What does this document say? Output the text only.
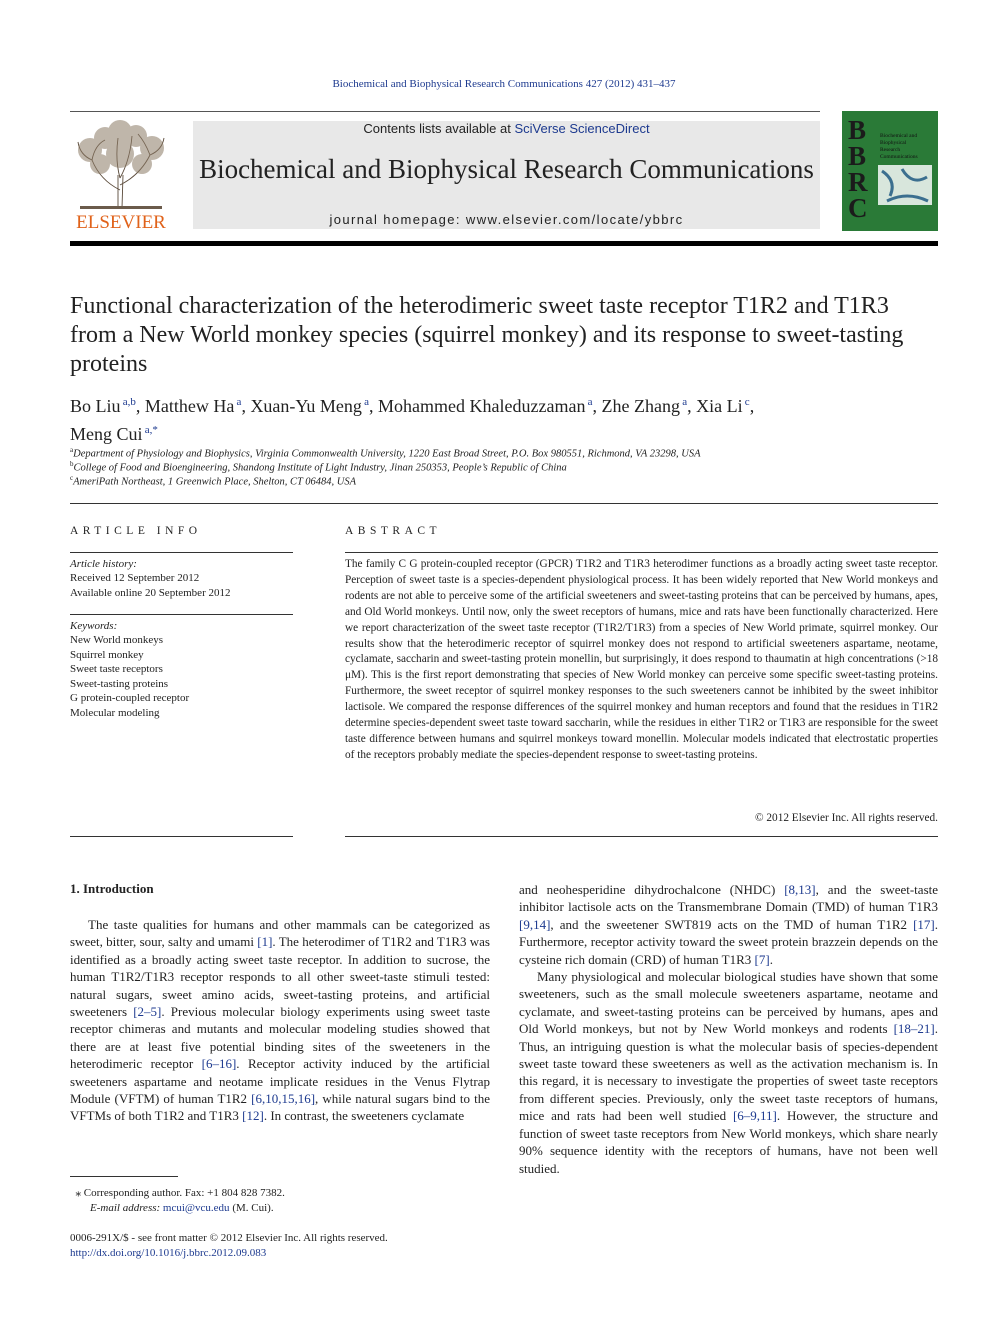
Biochemical and Biophysical Research Communications 427 (2012) 431–437
ELSEVIER
Contents lists available at SciVerse ScienceDirect
Biochemical and Biophysical Research Communications
journal homepage: www.elsevier.com/locate/ybbrc
B
B
R
C
Biochemical and
Biophysical
Research
Communications
Functional characterization of the heterodimeric sweet taste receptor T1R2 and T1R3 from a New World monkey species (squirrel monkey) and its response to sweet-tasting proteins
Bo Liu $^{a,b}$, Matthew Ha $^a$, Xuan-Yu Meng $^a$, Mohammed Khaleduzzaman $^a$, Zhe Zhang $^a$, Xia Li $^c$,
Meng Cui $^{a,*}$
$^a$Department of Physiology and Biophysics, Virginia Commonwealth University, 1220 East Broad Street, P.O. Box 980551, Richmond, VA 23298, USA
$^b$College of Food and Bioengineering, Shandong Institute of Light Industry, Jinan 250353, People’s Republic of China
$^c$AmeriPath Northeast, 1 Greenwich Place, Shelton, CT 06484, USA
ARTICLE INFO
Article history:
Received 12 September 2012
Available online 20 September 2012
Keywords:
New World monkeys
Squirrel monkey
Sweet taste receptors
Sweet-tasting proteins
G protein-coupled receptor
Molecular modeling
ABSTRACT
The family C G protein-coupled receptor (GPCR) T1R2 and T1R3 heterodimer functions as a broadly acting sweet taste receptor. Perception of sweet taste is a species-dependent physiological process. It has been widely reported that New World monkeys and rodents are not able to perceive some of the artificial sweeteners and sweet-tasting proteins that can be perceived by humans, apes, and Old World monkeys. Until now, only the sweet receptors of humans, mice and rats have been functionally characterized. Here we report characterization of the sweet taste receptor (T1R2/T1R3) from a species of New World primate, squirrel monkey. Our results show that the heterodimeric receptor of squirrel monkey does not respond to artificial sweeteners aspartame, neotame, cyclamate, saccharin and sweet-tasting protein monellin, but surprisingly, it does respond to thaumatin at high concentrations (>18 μM). This is the first report demonstrating that species of New World monkey can perceive some specific sweet-tasting proteins. Furthermore, the sweet receptor of squirrel monkey responses to the such sweeteners cannot be inhibited by the sweet inhibitor lactisole. We compared the response differences of the squirrel monkey and human receptors and found that the residues in T1R2 determine species-dependent sweet taste toward saccharin, while the residues in either T1R2 or T1R3 are responsible for the sweet taste difference between humans and squirrel monkeys toward monellin. Molecular models indicated that electrostatic properties of the receptors probably mediate the species-dependent response to sweet-tasting proteins.
© 2012 Elsevier Inc. All rights reserved.
1. Introduction

The taste qualities for humans and other mammals can be categorized as sweet, bitter, sour, salty and umami [1]. The heterodimer of T1R2 and T1R3 was identified as a broadly acting sweet taste receptor. In addition to sucrose, the human T1R2/T1R3 receptor responds to all other sweet-taste stimuli tested: natural sugars, sweet amino acids, sweet-tasting proteins, and artificial sweeteners [2–5]. Previous molecular biology experiments using sweet taste receptor chimeras and mutants and molecular modeling studies showed that there are at least five potential binding sites of the sweeteners in the heterodimeric receptor [6–16]. Receptor activity induced by the artificial sweeteners aspartame and neotame implicate residues in the Venus Flytrap Module (VFTM) of human T1R2 [6,10,15,16], while natural sugars bind to the VFTMs of both T1R2 and T1R3 [12]. In contrast, the sweeteners cyclamate

and neohesperidine dihydrochalcone (NHDC) [8,13], and the sweet-taste inhibitor lactisole acts on the Transmembrane Domain (TMD) of human T1R3 [9,14], and the sweetener SWT819 acts on the TMD of human T1R2 [17]. Furthermore, receptor activity toward the sweet protein brazzein depends on the cysteine rich domain (CRD) of human T1R3 [7].

Many physiological and molecular biological studies have shown that some sweeteners, such as the small molecule sweeteners aspartame, neotame and cyclamate, and sweet-tasting proteins can be perceived by humans, apes and Old World monkeys, but not by New World monkeys and rodents [18–21]. Thus, an intriguing question is what the molecular basis of species-dependent sweet taste toward these sweeteners as well as the activation mechanism is. In this regard, it is necessary to investigate the properties of sweet taste receptors from different species. Previously, only the sweet taste receptors of humans, mice and rats had been well studied [6–9,11]. However, the structure and function of sweet taste receptors from New World monkeys, which share nearly 90% sequence identity with the receptors of humans, have not been well studied.

⁎ Corresponding author. Fax: +1 804 828 7382.
E-mail address: mcui@vcu.edu (M. Cui).
0006-291X/$ - see front matter © 2012 Elsevier Inc. All rights reserved.
http://dx.doi.org/10.1016/j.bbrc.2012.09.083
